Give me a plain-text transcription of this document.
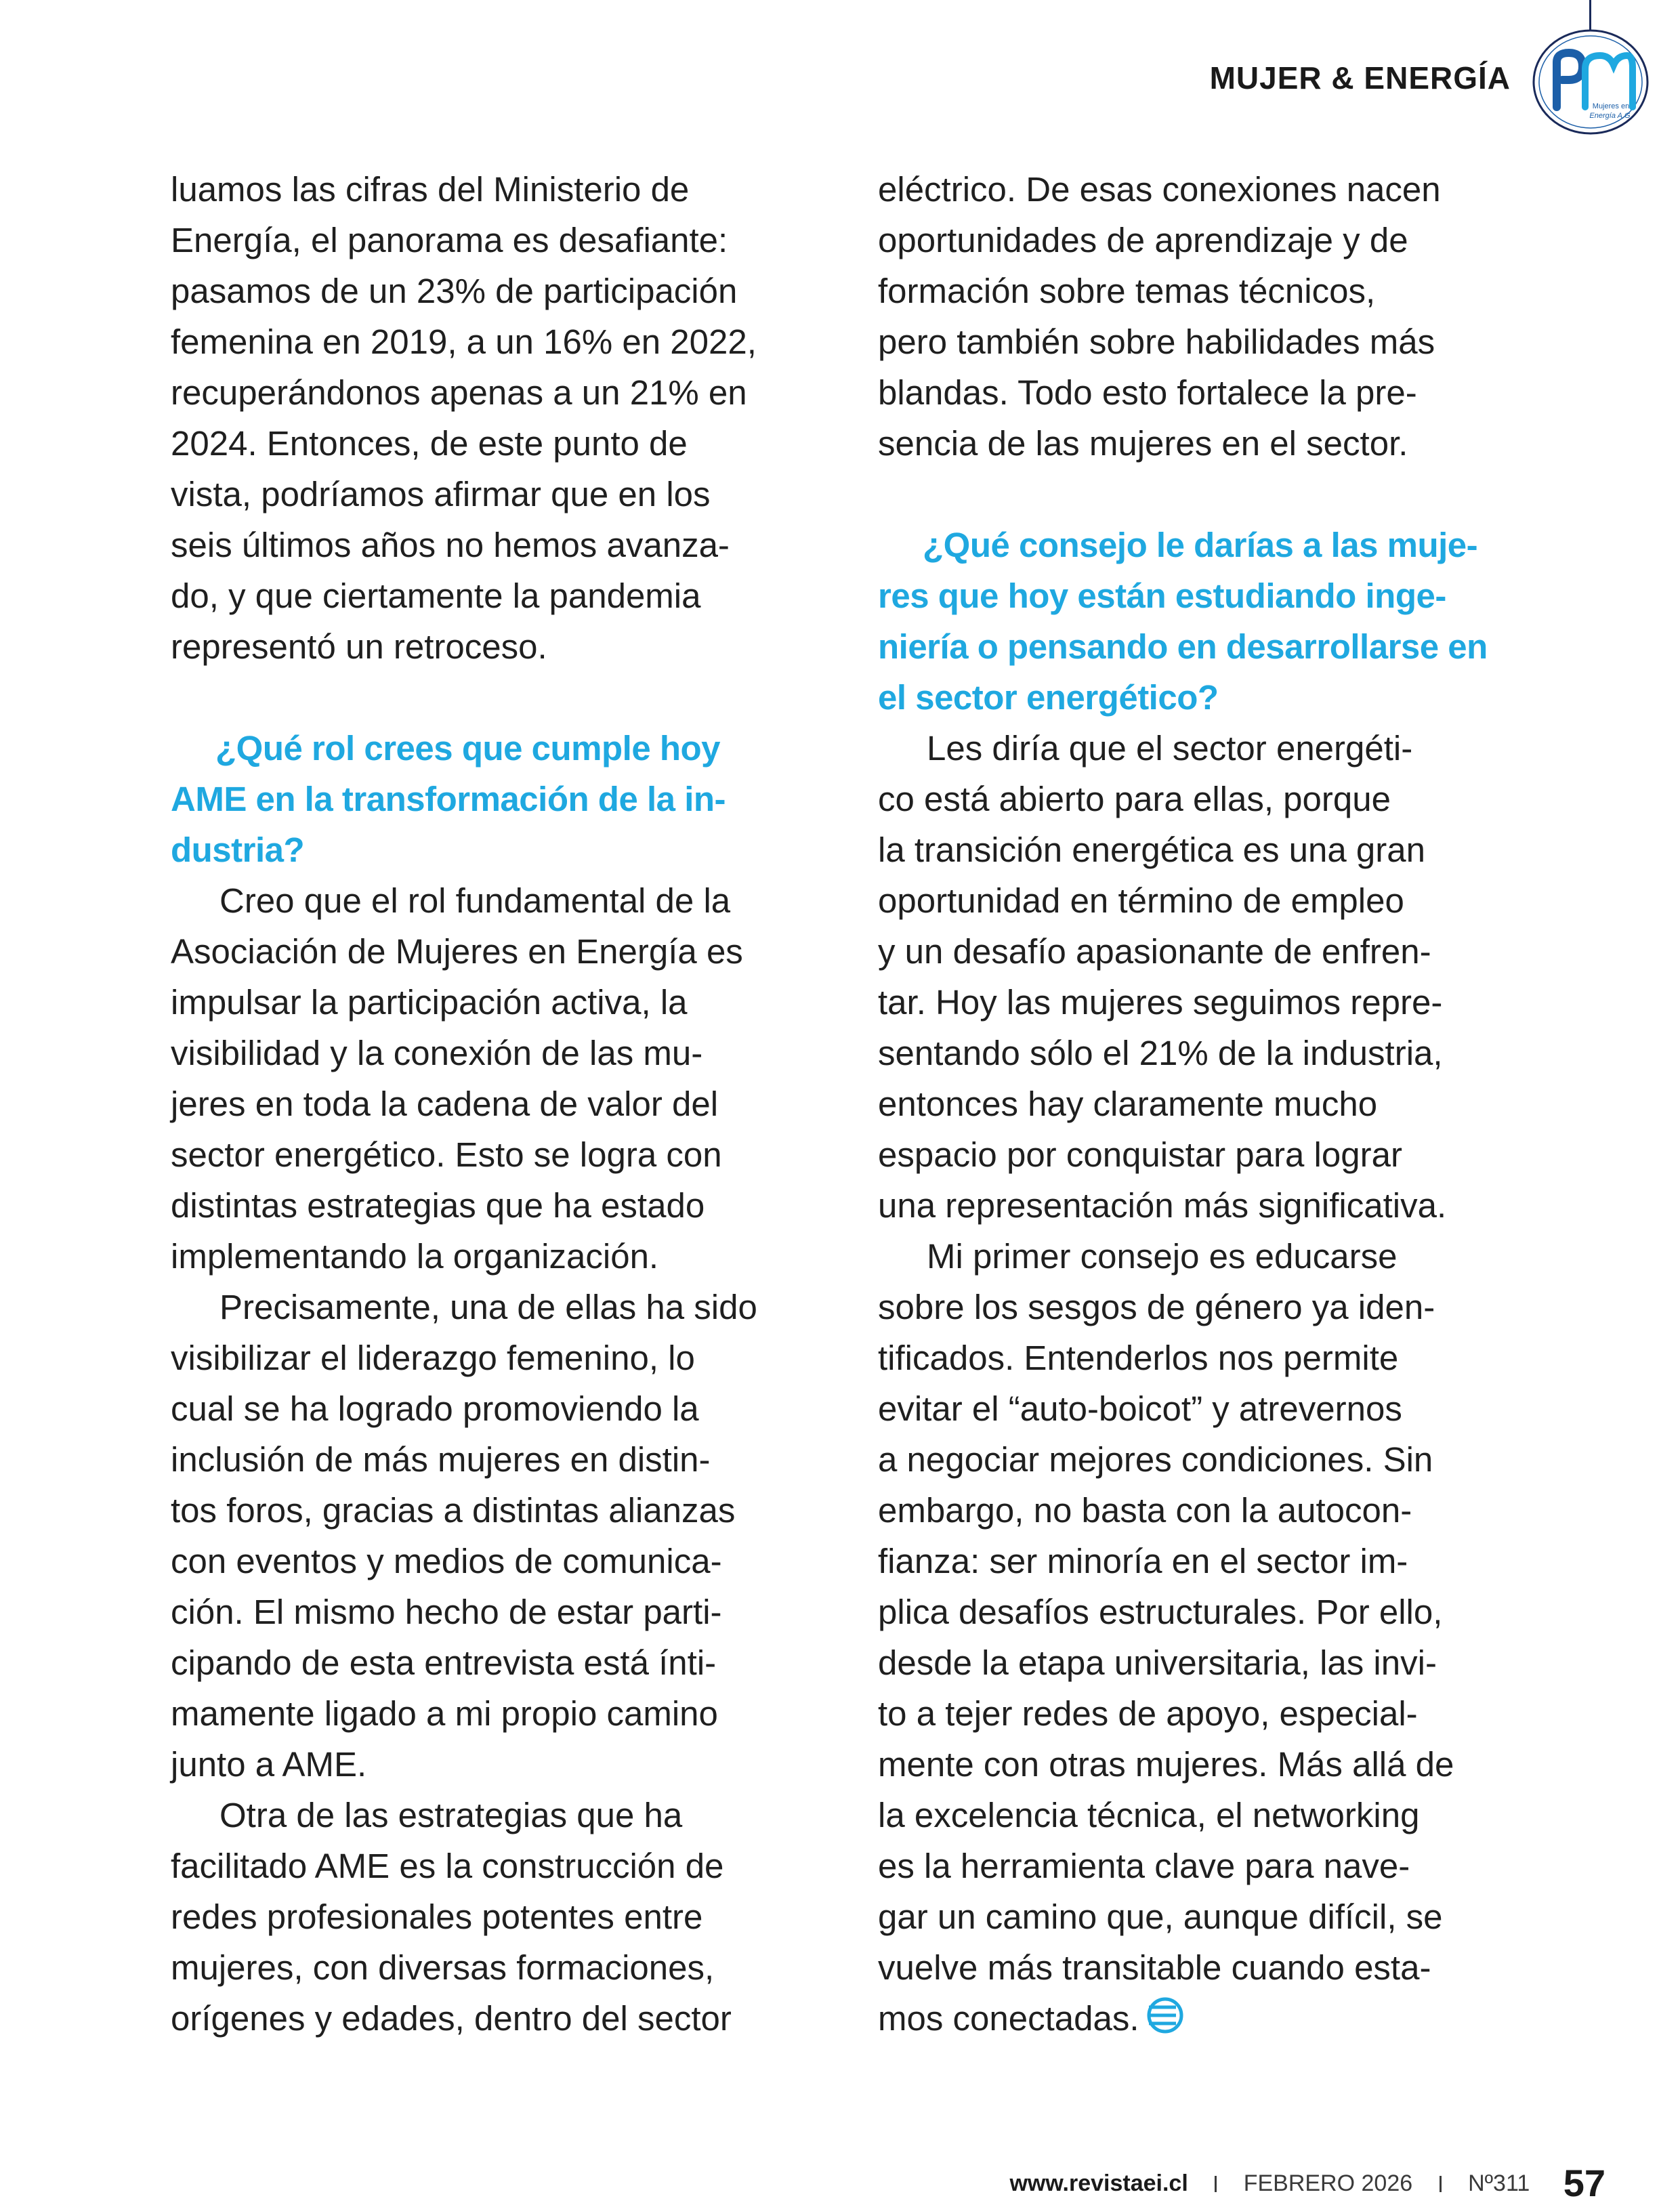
MUJER & ENERGÍA
Mujeres en
Energía A.G.

luamos las cifras del Ministerio de
Energía, el panorama es desafiante:
pasamos de un 23% de participación
femenina en 2019, a un 16% en 2022,
recuperándonos apenas a un 21% en
2024. Entonces, de este punto de
vista, podríamos afirmar que en los
seis últimos años no hemos avanza-
do, y que ciertamente la pandemia
representó un retroceso.

¿Qué rol crees que cumple hoy
AME en la transformación de la in-
dustria?

Creo que el rol fundamental de la
Asociación de Mujeres en Energía es
impulsar la participación activa, la
visibilidad y la conexión de las mu-
jeres en toda la cadena de valor del
sector energético. Esto se logra con
distintas estrategias que ha estado
implementando la organización.

Precisamente, una de ellas ha sido
visibilizar el liderazgo femenino, lo
cual se ha logrado promoviendo la
inclusión de más mujeres en distin-
tos foros, gracias a distintas alianzas
con eventos y medios de comunica-
ción. El mismo hecho de estar parti-
cipando de esta entrevista está ínti-
mamente ligado a mi propio camino
junto a AME.

Otra de las estrategias que ha
facilitado AME es la construcción de
redes profesionales potentes entre
mujeres, con diversas formaciones,
orígenes y edades, dentro del sector

eléctrico. De esas conexiones nacen
oportunidades de aprendizaje y de
formación sobre temas técnicos,
pero también sobre habilidades más
blandas. Todo esto fortalece la pre-
sencia de las mujeres en el sector.

¿Qué consejo le darías a las muje-
res que hoy están estudiando inge-
niería o pensando en desarrollarse en
el sector energético?

Les diría que el sector energéti-
co está abierto para ellas, porque
la transición energética es una gran
oportunidad en término de empleo
y un desafío apasionante de enfren-
tar. Hoy las mujeres seguimos repre-
sentando sólo el 21% de la industria,
entonces hay claramente mucho
espacio por conquistar para lograr
una representación más significativa.

Mi primer consejo es educarse
sobre los sesgos de género ya iden-
tificados. Entenderlos nos permite
evitar el “auto-boicot” y atrevernos
a negociar mejores condiciones. Sin
embargo, no basta con la autocon-
fianza: ser minoría en el sector im-
plica desafíos estructurales. Por ello,
desde la etapa universitaria, las invi-
to a tejer redes de apoyo, especial-
mente con otras mujeres. Más allá de
la excelencia técnica, el networking
es la herramienta clave para nave-
gar un camino que, aunque difícil, se
vuelve más transitable cuando esta-
mos conectadas.

www.revistaei.cl FEBRERO 2026 Nº311 57
